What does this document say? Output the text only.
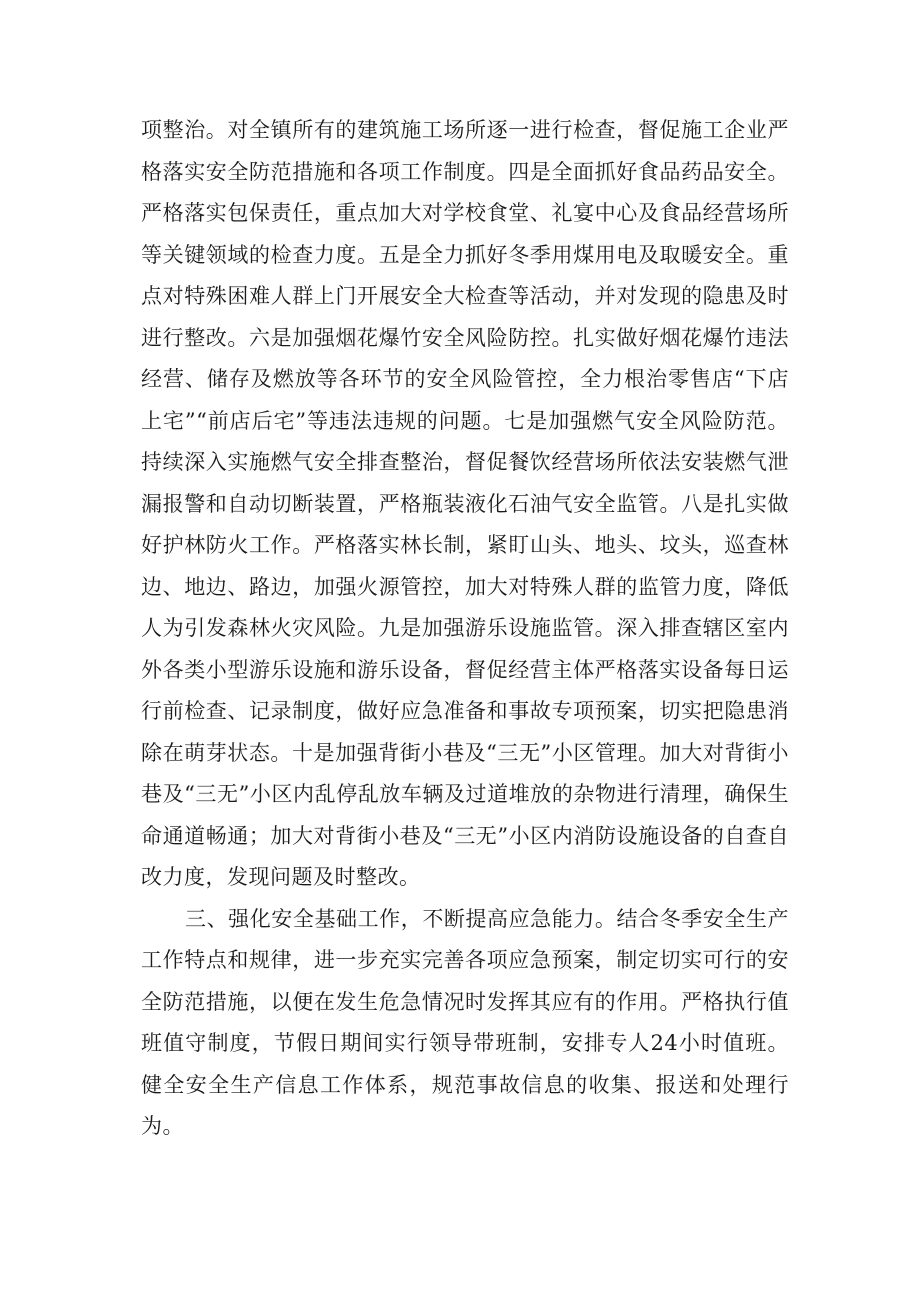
项整治。对全镇所有的建筑施工场所逐一进行检查，督促施工企业严格落实安全防范措施和各项工作制度。四是全面抓好食品药品安全。严格落实包保责任，重点加大对学校食堂、礼宴中心及食品经营场所等关键领域的检查力度。五是全力抓好冬季用煤用电及取暖安全。重点对特殊困难人群上门开展安全大检查等活动，并对发现的隐患及时进行整改。六是加强烟花爆竹安全风险防控。扎实做好烟花爆竹违法经营、储存及燃放等各环节的安全风险管控，全力根治零售店“下店上宅”“前店后宅”等违法违规的问题。七是加强燃气安全风险防范。持续深入实施燃气安全排查整治，督促餐饮经营场所依法安装燃气泄漏报警和自动切断装置，严格瓶装液化石油气安全监管。八是扎实做好护林防火工作。严格落实林长制，紧盯山头、地头、坟头，巡查林边、地边、路边，加强火源管控，加大对特殊人群的监管力度，降低人为引发森林火灾风险。九是加强游乐设施监管。深入排查辖区室内外各类小型游乐设施和游乐设备，督促经营主体严格落实设备每日运行前检查、记录制度，做好应急准备和事故专项预案，切实把隐患消除在萌芽状态。十是加强背街小巷及“三无”小区管理。加大对背街小巷及“三无”小区内乱停乱放车辆及过道堆放的杂物进行清理，确保生命通道畅通；加大对背街小巷及“三无”小区内消防设施设备的自查自改力度，发现问题及时整改。

三、强化安全基础工作，不断提高应急能力。结合冬季安全生产工作特点和规律，进一步充实完善各项应急预案，制定切实可行的安全防范措施，以便在发生危急情况时发挥其应有的作用。严格执行值班值守制度，节假日期间实行领导带班制，安排专人24小时值班。健全安全生产信息工作体系，规范事故信息的收集、报送和处理行为。
